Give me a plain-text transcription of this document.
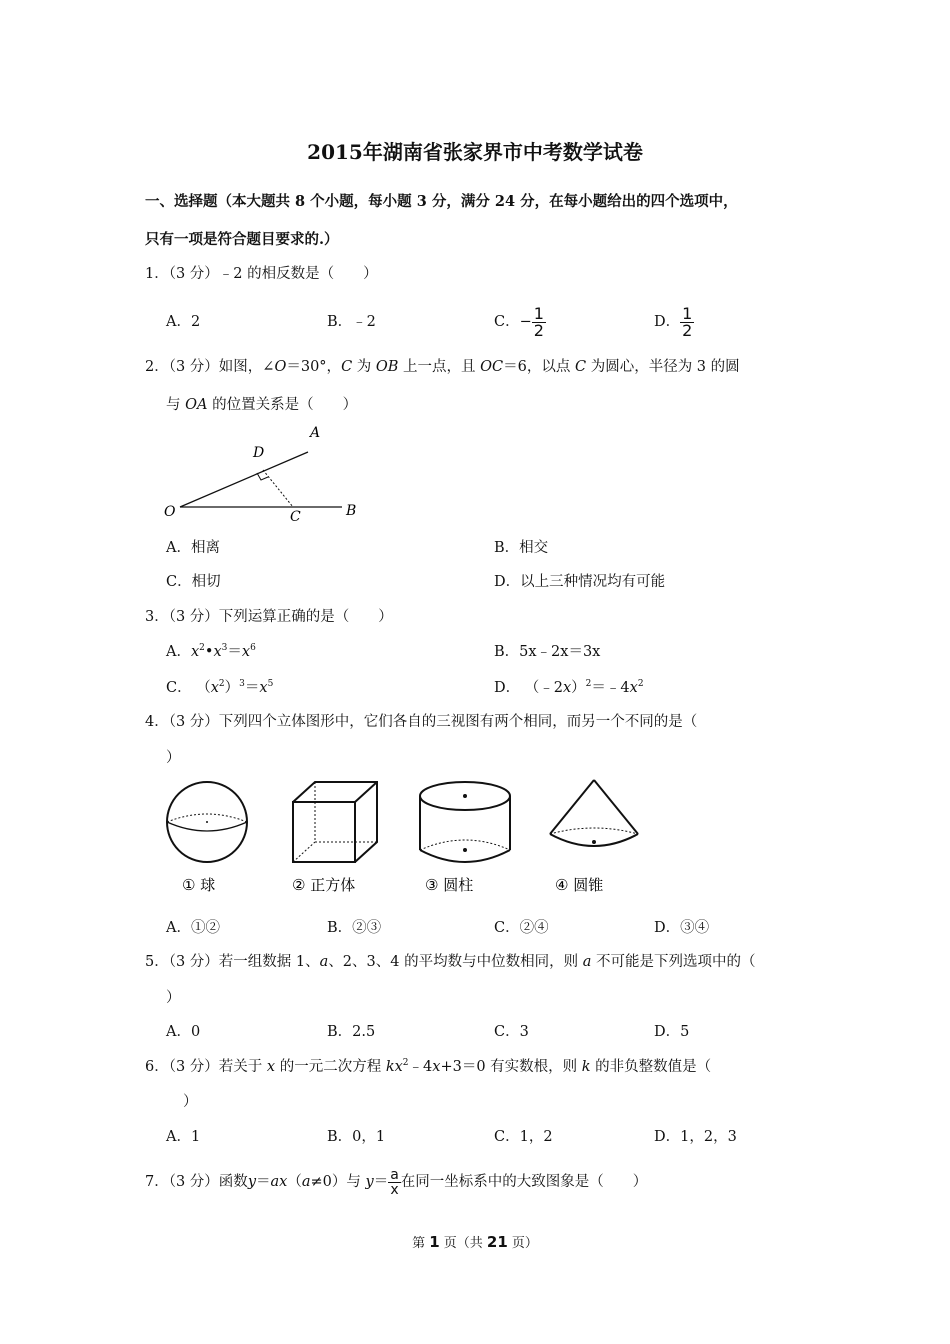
2015年湖南省张家界市中考数学试卷
一、选择题（本大题共 8 个小题，每小题 3 分，满分 24 分，在每小题给出的四个选项中，
只有一项是符合题目要求的.）
1．（3 分）﹣2 的相反数是（　　）
A．2	B．﹣2	C．− $\frac{1}{2}$	D． $\frac{1}{2}$
2．（3 分）如图，∠O＝30°，C 为 OB 上一点，且 OC＝6，以点 C 为圆心，半径为 3 的圆
与 OA 的位置关系是（　　）
A
B
C
D
O
A．相离	B．相交
C．相切	D．以上三种情况均有可能
3．（3 分）下列运算正确的是（　　）
A．$x^2•x^3=x^6$	B．5x﹣2x＝3x
C． $(x^2)^3=x^5$	D． $(﹣2x)^2=﹣4x^2$
4．（3 分）下列四个立体图形中，它们各自的三视图有两个相同，而另一个不同的是（
）
① 球	② 正方体	③ 圆柱	④ 圆锥
A．①②	B．②③	C．②④	D．③④
5．（3 分）若一组数据 1、a、2、3、4 的平均数与中位数相同，则 a 不可能是下列选项中的（
）
A．0	B．2.5	C．3	D．5
6．（3 分）若关于 x 的一元二次方程 $kx^2﹣4x+3=0$ 有实数根，则 k 的非负整数值是（
）
A．1	B．0，1	C．1，2	D．1，2，3
7．（3 分）函数y＝ax（a≠0）与 $y= \frac{a}{x}$ 在同一坐标系中的大致图象是（　　）
第 1 页（共 21 页）
